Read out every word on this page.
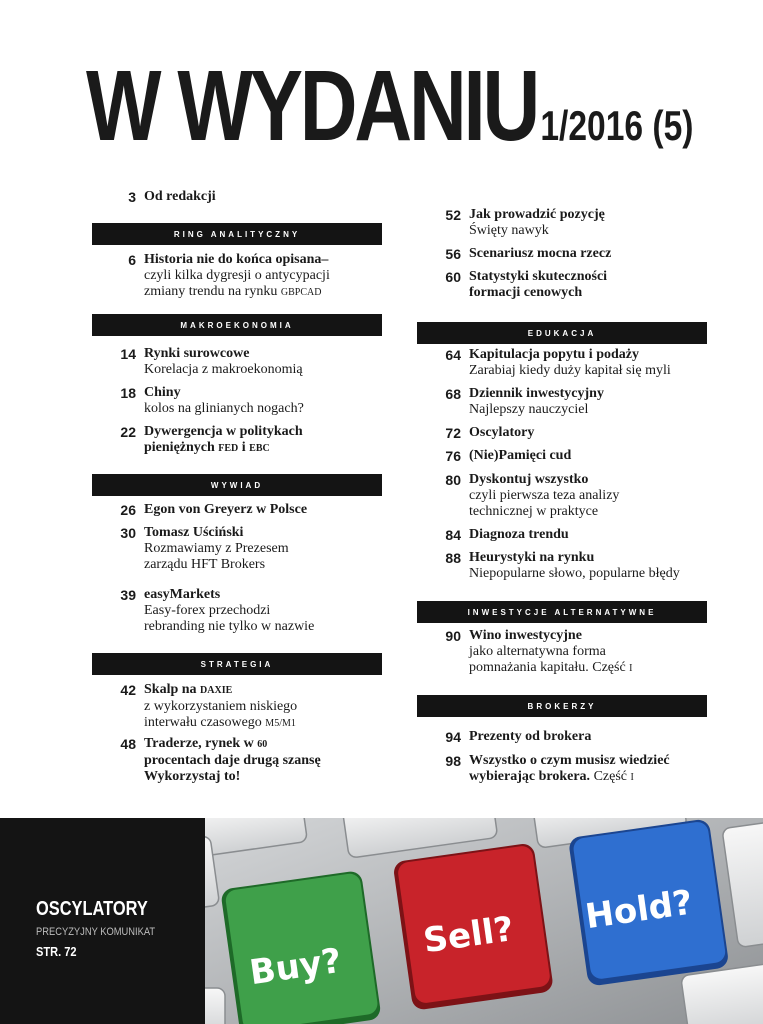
W WYDANIU1/2016 (5)
3 Od redakcji
RING ANALITYCZNY
6 Historia nie do końca opisana–
czyli kilka dygresji o antycypacji
zmiany trendu na rynku GBPCAD
MAKROEKONOMIA
14 Rynki surowcowe
Korelacja z makroekonomią
18 Chiny
kolos na glinianych nogach?
22 Dywergencja w politykach
pieniężnych FED i EBC
WYWIAD
26 Egon von Greyerz w Polsce
30 Tomasz Uściński
Rozmawiamy z Prezesem
zarządu HFT Brokers
39 easyMarkets
Easy-forex przechodzi
rebranding nie tylko w nazwie
STRATEGIA
42 Skalp na DAXIE
z wykorzystaniem niskiego
interwału czasowego M5/M1
48 Traderze, rynek w 60
procentach daje drugą szansę
Wykorzystaj to!
52 Jak prowadzić pozycję
Święty nawyk
56 Scenariusz mocna rzecz
60 Statystyki skuteczności
formacji cenowych
EDUKACJA
64 Kapitulacja popytu i podaży
Zarabiaj kiedy duży kapitał się myli
68 Dziennik inwestycyjny
Najlepszy nauczyciel
72 Oscylatory
76 (Nie)Pamięci cud
80 Dyskontuj wszystko
czyli pierwsza teza analizy
technicznej w praktyce
84 Diagnoza trendu
88 Heurystyki na rynku
Niepopularne słowo, popularne błędy
INWESTYCJE ALTERNATYWNE
90 Wino inwestycyjne
jako alternatywna forma
pomnażania kapitału. Część I
BROKERZY
94 Prezenty od brokera
98 Wszystko o czym musisz wiedzieć
wybierając brokera. Część I
OSCYLATORY
PRECYZYJNY KOMUNIKAT
STR. 72	Buy?
Sell? Hold?
